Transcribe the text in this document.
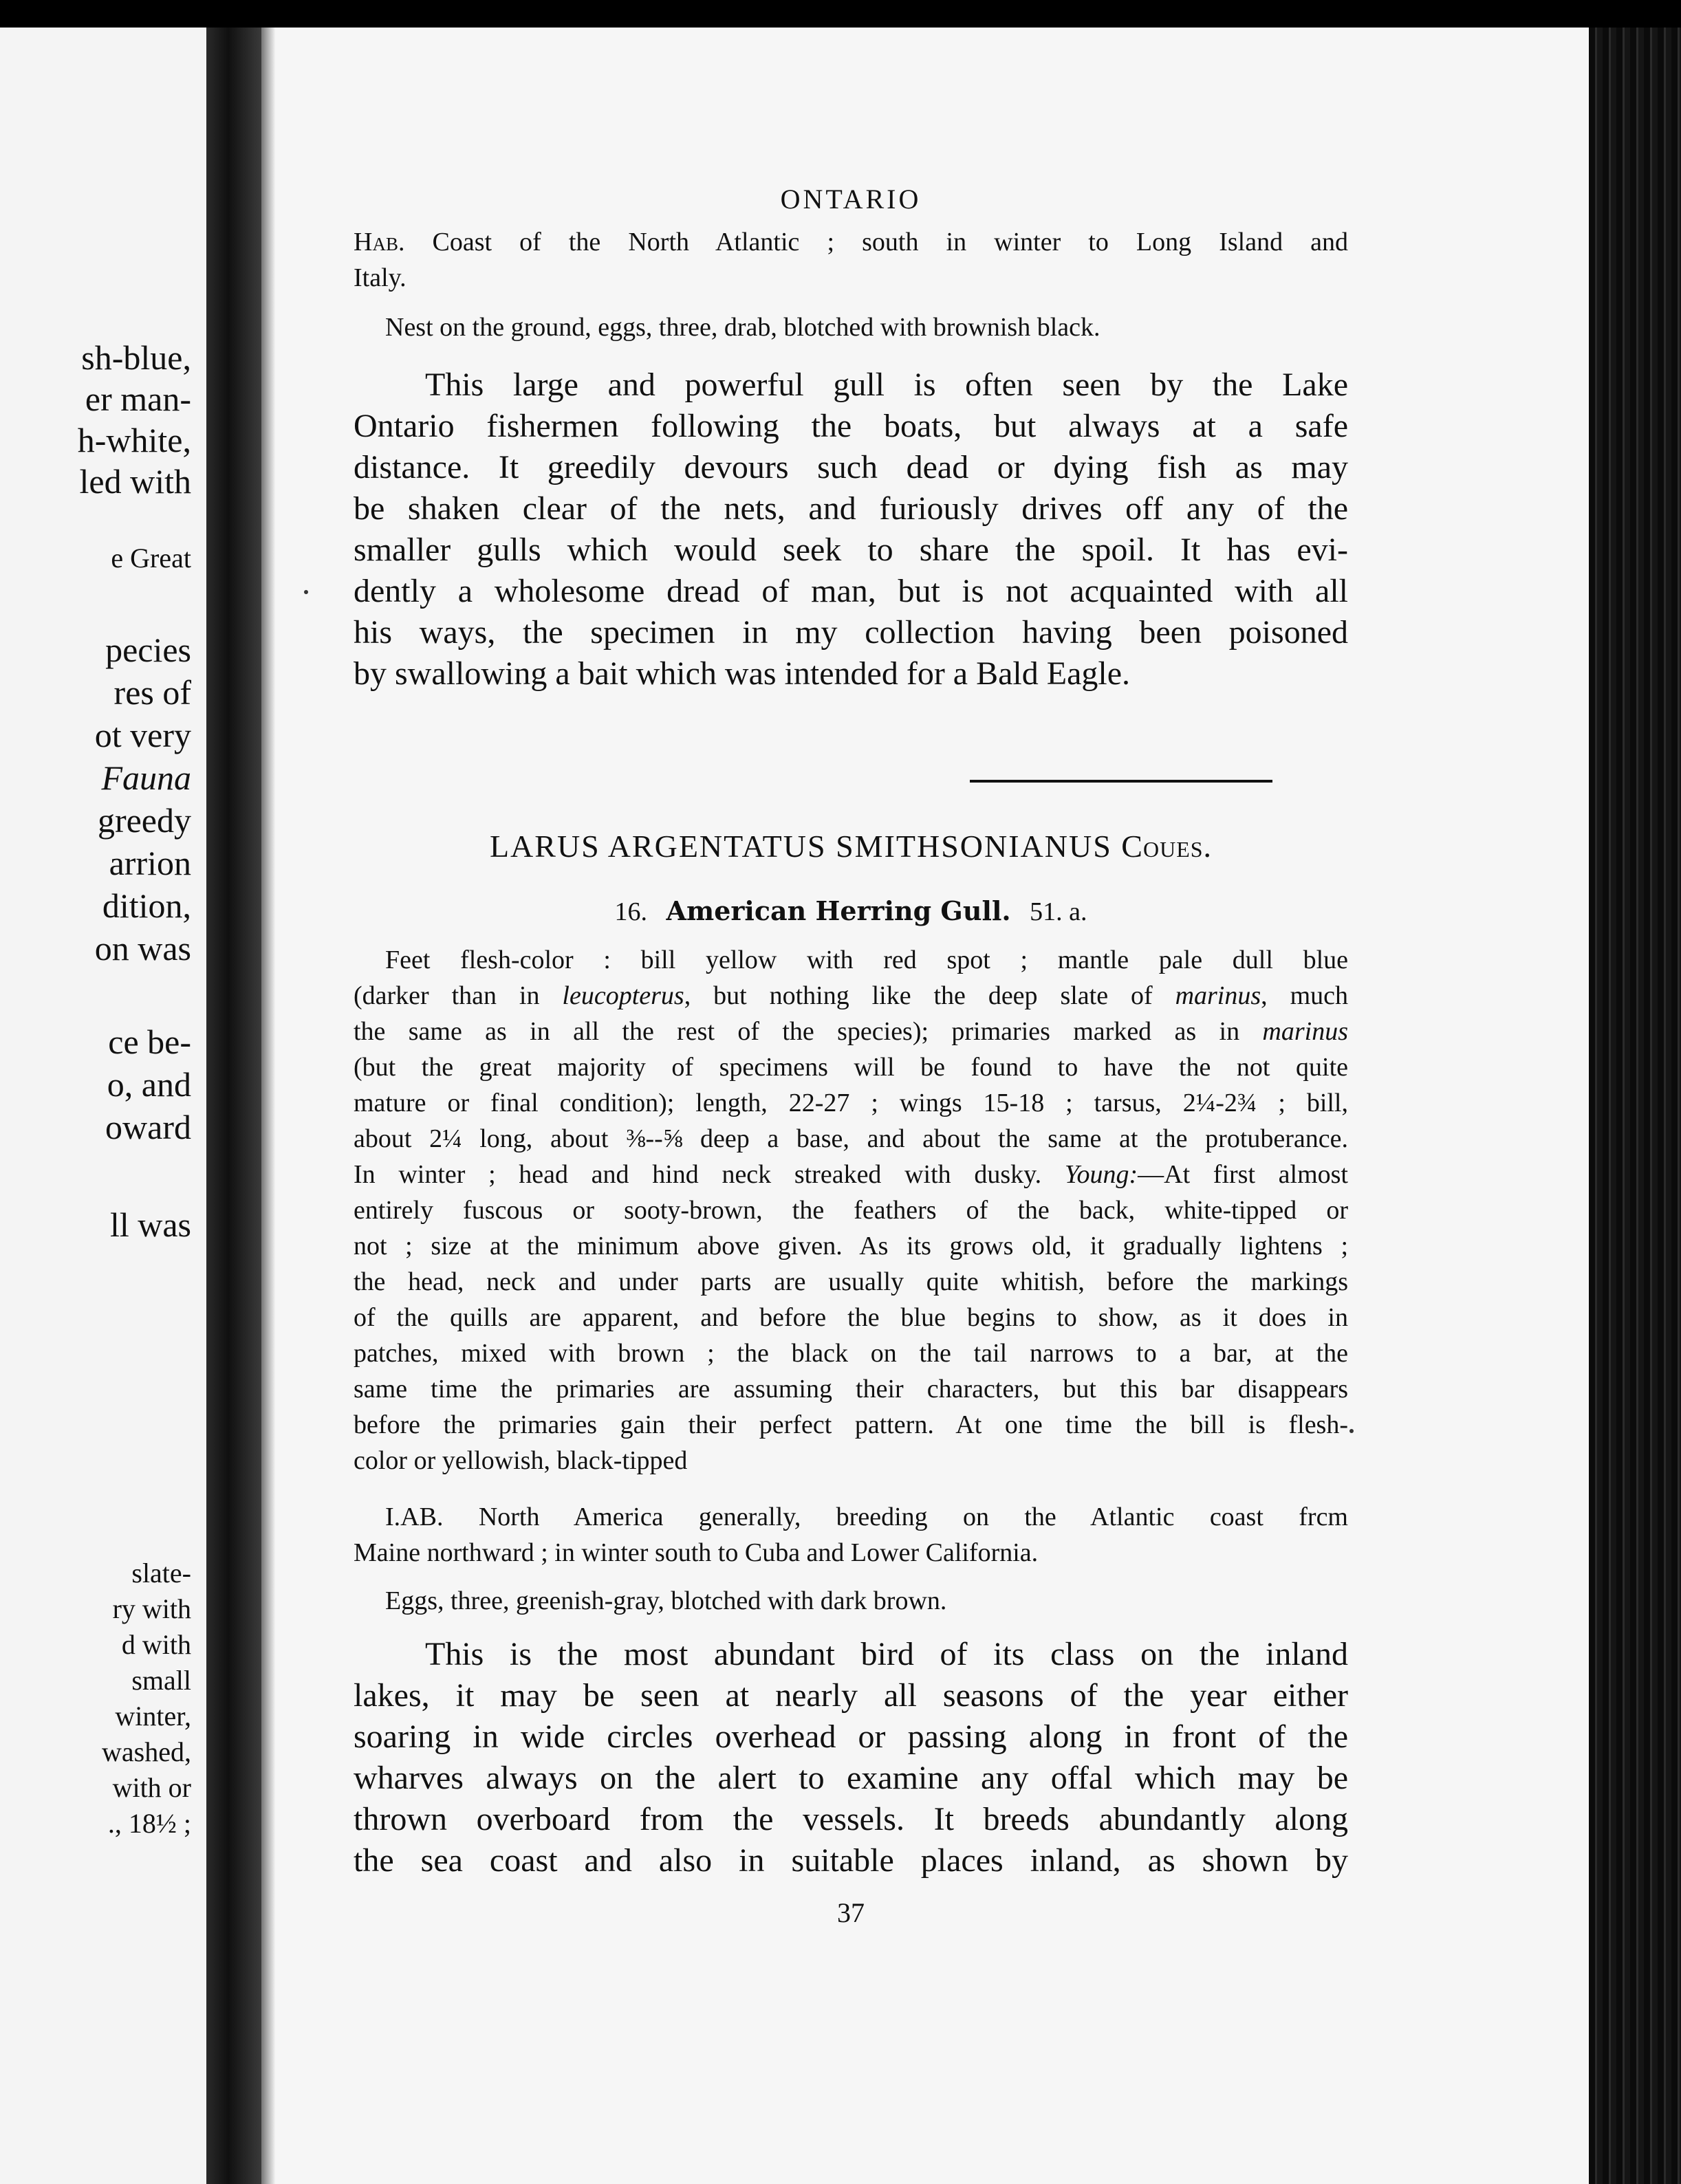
sh-blue,
er man-
h-white,
led with
e Great
pecies
res of
ot very
Fauna
greedy
arrion
dition,
on was
ce be-
o, and
oward
ll was
slate-
ry with
d with
small
winter,
washed,
with or
., 18½ ;
ONTARIO
Hab. Coast of the North Atlantic ; south in winter to Long Island and
Italy.
Nest on the ground, eggs, three, drab, blotched with brownish black.
This large and powerful gull is often seen by the Lake
Ontario fishermen following the boats, but always at a safe
distance. It greedily devours such dead or dying fish as may
be shaken clear of the nets, and furiously drives off any of the
smaller gulls which would seek to share the spoil. It has evi-
dently a wholesome dread of man, but is not acquainted with all
his ways, the specimen in my collection having been poisoned
by swallowing a bait which was intended for a Bald Eagle.
LARUS ARGENTATUS SMITHSONIANUS Coues.
16. American Herring Gull. 51. a.
Feet flesh-color : bill yellow with red spot ; mantle pale dull blue
(darker than in leucopterus, but nothing like the deep slate of marinus, much
the same as in all the rest of the species); primaries marked as in marinus
(but the great majority of specimens will be found to have the not quite
mature or final condition); length, 22-27 ; wings 15-18 ; tarsus, 2¼-2¾ ; bill,
about 2¼ long, about ⅜--⅝ deep a base, and about the same at the protuberance.
In winter ; head and hind neck streaked with dusky. Young:—At first almost
entirely fuscous or sooty-brown, the feathers of the back, white-tipped or
not ; size at the minimum above given. As its grows old, it gradually lightens ;
the head, neck and under parts are usually quite whitish, before the markings
of the quills are apparent, and before the blue begins to show, as it does in
patches, mixed with brown ; the black on the tail narrows to a bar, at the
same time the primaries are assuming their characters, but this bar disappears
before the primaries gain their perfect pattern. At one time the bill is flesh-
color or yellowish, black-tipped
I.AB. North America generally, breeding on the Atlantic coast frcm
Maine northward ; in winter south to Cuba and Lower California.
Eggs, three, greenish-gray, blotched with dark brown.
This is the most abundant bird of its class on the inland
lakes, it may be seen at nearly all seasons of the year either
soaring in wide circles overhead or passing along in front of the
wharves always on the alert to examine any offal which may be
thrown overboard from the vessels. It breeds abundantly along
the sea coast and also in suitable places inland, as shown by
37
